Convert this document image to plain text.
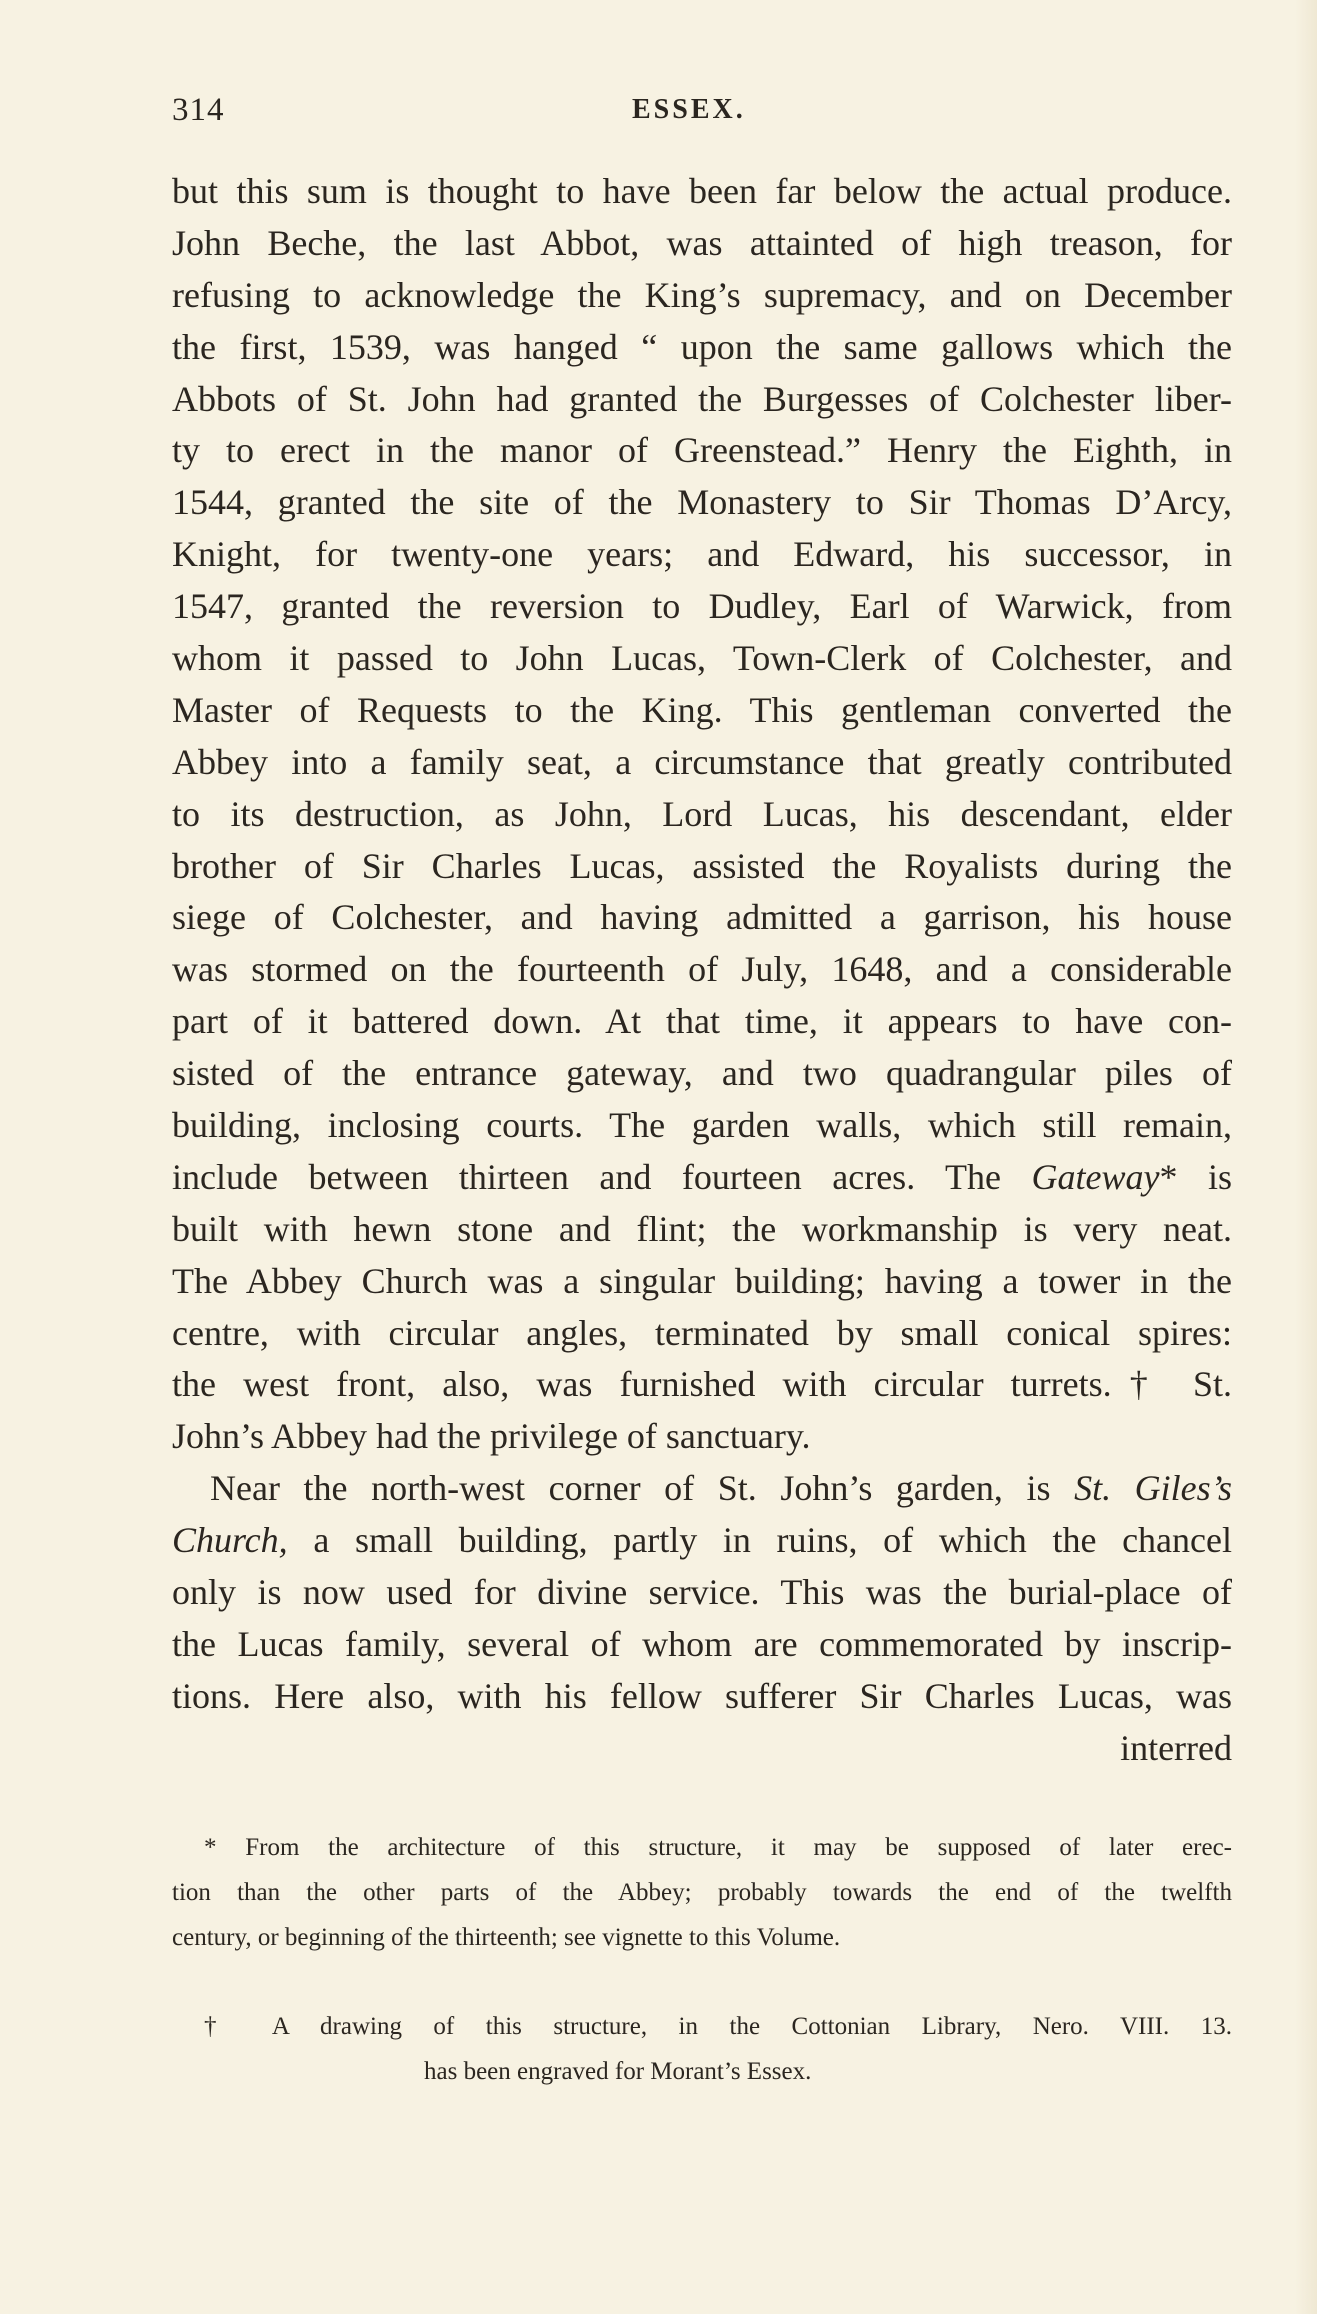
314	ESSEX.
but this sum is thought to have been far below the actual produce.
John Beche, the last Abbot, was attainted of high treason, for
refusing to acknowledge the King’s supremacy, and on December
the first, 1539, was hanged “ upon the same gallows which the
Abbots of St. John had granted the Burgesses of Colchester liber-
ty to erect in the manor of Greenstead.” Henry the Eighth, in
1544, granted the site of the Monastery to Sir Thomas D’Arcy,
Knight, for twenty-one years; and Edward, his successor, in
1547, granted the reversion to Dudley, Earl of Warwick, from
whom it passed to John Lucas, Town-Clerk of Colchester, and
Master of Requests to the King. This gentleman converted the
Abbey into a family seat, a circumstance that greatly contributed
to its destruction, as John, Lord Lucas, his descendant, elder
brother of Sir Charles Lucas, assisted the Royalists during the
siege of Colchester, and having admitted a garrison, his house
was stormed on the fourteenth of July, 1648, and a considerable
part of it battered down. At that time, it appears to have con-
sisted of the entrance gateway, and two quadrangular piles of
building, inclosing courts. The garden walls, which still remain,
include between thirteen and fourteen acres. The Gateway* is
built with hewn stone and flint; the workmanship is very neat.
The Abbey Church was a singular building; having a tower in the
centre, with circular angles, terminated by small conical spires:
the west front, also, was furnished with circular turrets.† St.
John’s Abbey had the privilege of sanctuary.
Near the north-west corner of St. John’s garden, is St. Giles’s
Church, a small building, partly in ruins, of which the chancel
only is now used for divine service. This was the burial-place of
the Lucas family, several of whom are commemorated by inscrip-
tions. Here also, with his fellow sufferer Sir Charles Lucas, was
interred
* From the architecture of this structure, it may be supposed of later erec-
tion than the other parts of the Abbey; probably towards the end of the twelfth
century, or beginning of the thirteenth; see vignette to this Volume.
† A drawing of this structure, in the Cottonian Library, Nero. VIII. 13.
has been engraved for Morant’s Essex.
